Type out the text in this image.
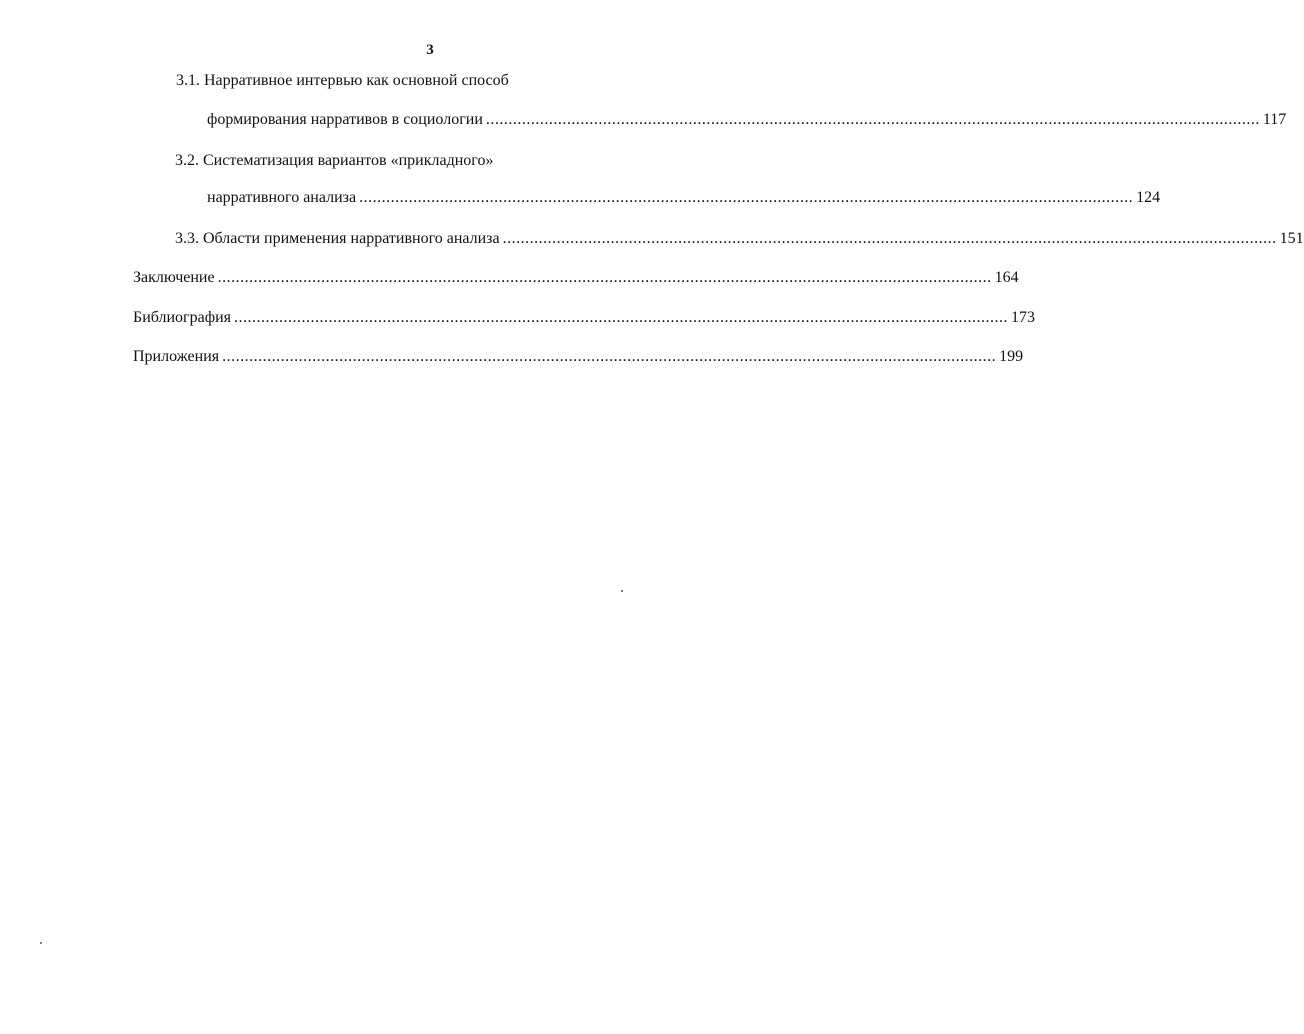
3
3.1. Нарративное интервью как основной способ
формирования нарративов в социологии ............................................................................................................................................................................ 117
3.2. Систематизация вариантов «прикладного»
нарративного анализа ............................................................................................................................................................................ 124
3.3. Области применения нарративного анализа ............................................................................................................................................................................ 151
Заключение ............................................................................................................................................................................ 164
Библиография ............................................................................................................................................................................ 173
Приложения ............................................................................................................................................................................ 199
